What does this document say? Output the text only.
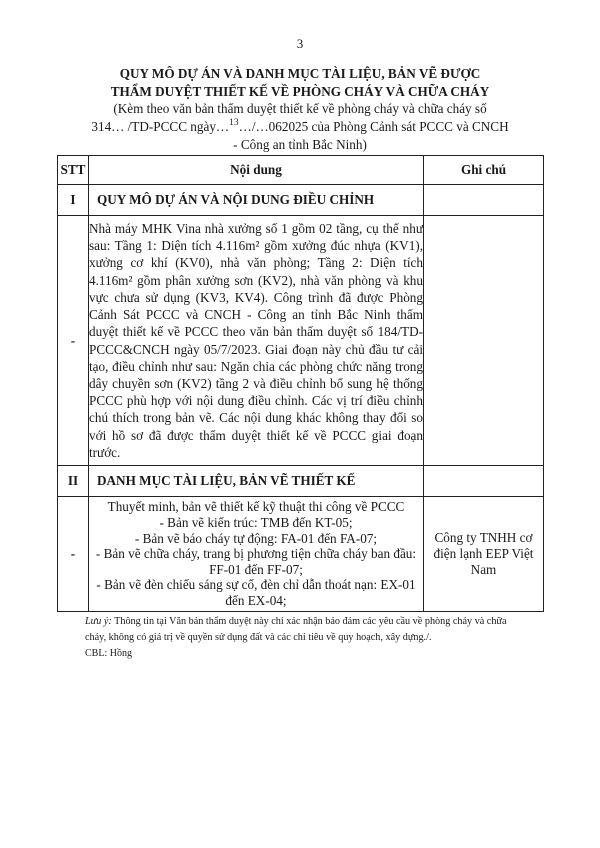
3
QUY MÔ DỰ ÁN VÀ DANH MỤC TÀI LIỆU, BẢN VẼ ĐƯỢC
THẨM DUYỆT THIẾT KẾ VỀ PHÒNG CHÁY VÀ CHỮA CHÁY
(Kèm theo văn bản thẩm duyệt thiết kế về phòng cháy và chữa cháy số
314… /TD-PCCC ngày…$^{13}$…/…062025 của Phòng Cảnh sát PCCC và CNCH
- Công an tỉnh Bắc Ninh)
STT	Nội dung	Ghi chú
I	QUY MÔ DỰ ÁN VÀ NỘI DUNG ĐIỀU CHỈNH	
-	Nhà máy MHK Vina nhà xưởng số 1 gồm 02 tầng, cụ thể như sau: Tầng 1: Diện tích 4.116m² gồm xưởng đúc nhựa (KV1), xưởng cơ khí (KV0), nhà văn phòng; Tầng 2: Diện tích 4.116m² gồm phân xưởng sơn (KV2), nhà văn phòng và khu vực chưa sử dụng (KV3, KV4). Công trình đã được Phòng Cảnh Sát PCCC và CNCH - Công an tỉnh Bắc Ninh thẩm duyệt thiết kế về PCCC theo văn bản thẩm duyệt số 184/TD-PCCC&CNCH ngày 05/7/2023. Giai đoạn này chủ đầu tư cải tạo, điều chỉnh như sau: Ngăn chia các phòng chức năng trong dây chuyền sơn (KV2) tầng 2 và điều chỉnh bổ sung hệ thống PCCC phù hợp với nội dung điều chỉnh. Các vị trí điều chỉnh chú thích trong bản vẽ. Các nội dung khác không thay đổi so với hồ sơ đã được thẩm duyệt thiết kế về PCCC giai đoạn trước.	
II	DANH MỤC TÀI LIỆU, BẢN VẼ THIẾT KẾ	
-	Thuyết minh, bản vẽ thiết kế kỹ thuật thi công về PCCC
- Bản vẽ kiến trúc: TMB đến KT-05;
- Bản vẽ báo cháy tự động: FA-01 đến FA-07;
- Bản vẽ chữa cháy, trang bị phương tiện chữa cháy ban đầu: FF-01 đến FF-07;
- Bản vẽ đèn chiếu sáng sự cố, đèn chỉ dẫn thoát nạn: EX-01 đến EX-04;	Công ty TNHH cơ điện lạnh EEP Việt Nam
Lưu ý: Thông tin tại Văn bản thẩm duyệt này chỉ xác nhận bảo đảm các yêu cầu về phòng cháy và chữa cháy, không có giá trị về quyền sử dụng đất và các chỉ tiêu về quy hoạch, xây dựng./.
CBL: Hồng
